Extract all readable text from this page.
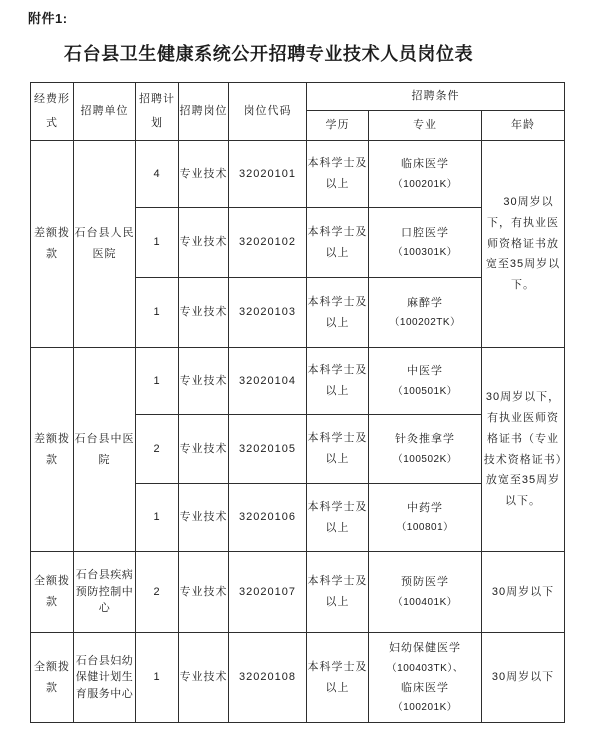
附件1:
石台县卫生健康系统公开招聘专业技术人员岗位表
经费形式	招聘单位	招聘计划	招聘岗位	岗位代码	招聘条件		
					学历	专业	年龄
差额拨款	石台县人民医院	4	专业技术	32020101	本科学士及以上	临床医学
（100201K）	30周岁以下，有执业医师资格证书放宽至35周岁以下。
		1	专业技术	32020102	本科学士及以上	口腔医学
（100301K）	

		1	专业技术	32020103	本科学士及以上	麻醉学
（100202TK）	

差额拨款	石台县中医院	1	专业技术	32020104	本科学士及以上	中医学
（100501K）	30周岁以下，有执业医师资格证书（专业技术资格证书）放宽至35周岁以下。
		2	专业技术	32020105	本科学士及以上	针灸推拿学
（100502K）	

		1	专业技术	32020106	本科学士及以上	中药学
（100801）	

全额拨款	石台县疾病预防控制中心	2	专业技术	32020107	本科学士及以上	预防医学
（100401K）	30周岁以下
全额拨款	石台县妇幼保健计划生育服务中心	1	专业技术	32020108	本科学士及以上	妇幼保健医学
（100403TK）、
临床医学
（100201K）	30周岁以下
